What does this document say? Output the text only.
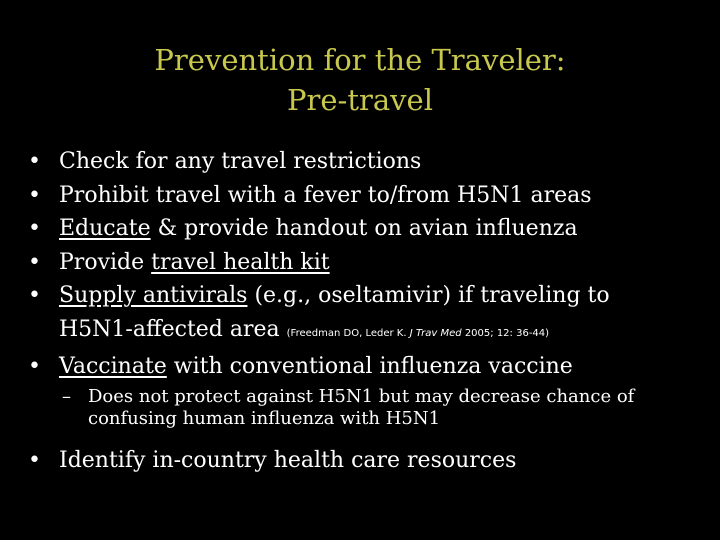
Prevention for the Traveler:
Pre-travel
• Check for any travel restrictions
• Prohibit travel with a fever to/from H5N1 areas
• Educate & provide handout on avian influenza
• Provide travel health kit
• Supply antivirals (e.g., oseltamivir) if traveling to
H5N1-affected area (Freedman DO, Leder K. J Trav Med 2005; 12: 36-44)
• Vaccinate with conventional influenza vaccine
– Does not protect against H5N1 but may decrease chance of confusing human influenza with H5N1
• Identify in-country health care resources
